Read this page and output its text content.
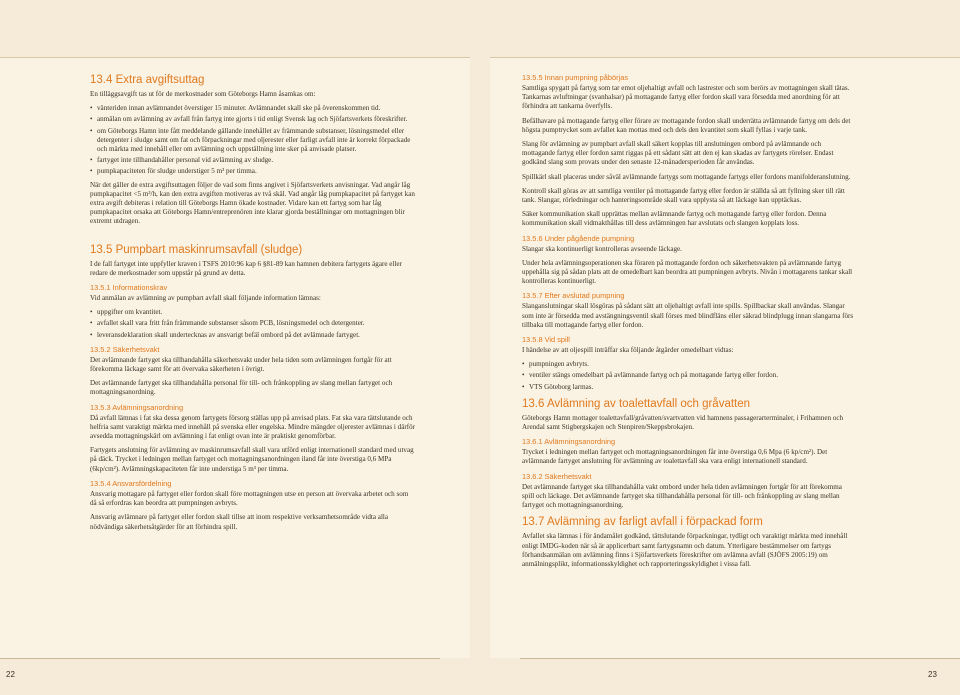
13.4 Extra avgiftsuttag

En tilläggsavgift tas ut för de merkostnader som Göteborgs Hamn åsamkas om:

• vänteriden innan avlämnandet överstiger 15 minuter. Avlämnandet skall ske på överenskommen tid.
• anmälan om avlämning av avfall från fartyg inte gjorts i tid enligt Svensk lag och Sjöfartsverkets föreskrifter.
• om Göteborgs Hamn inte fått meddelande gällande innehållet av främmande substanser, lösningsmedel eller detergenter i sludge samt om fat och förpackningar med oljerester eller farligt avfall inte är korrekt förpackade och märkta med innehåll eller om avlämning och uppställning inte sker på anvisade platser.
• fartyget inte tillhandahåller personal vid avlämning av sludge.
• pumpkapaciteten för sludge understiger 5 m³ per timma.

När det gäller de extra avgiftsuttagen följer de vad som finns angivet i Sjöfartsverkets anvisningar. Vad angår låg pumpkapacitet <5 m³/h, kan den extra avgiften motiveras av två skäl. Vad angår låg pumpkapacitet på fartyget kan extra avgift debiteras i relation till Göteborgs Hamn ökade kostnader. Vidare kan ett fartyg som har låg pumpkapacitet orsaka att Göteborgs Hamn/entreprenören inte klarar gjorda beställningar om mottagningen blir extremt utdragen.

13.5 Pumpbart maskinrumsavfall (sludge)

I de fall fartyget inte uppfyller kraven i TSFS 2010:96 kap 6 §81-89 kan hamnen debitera fartygets ägare eller redare de merkostnader som uppstår på grund av detta.

13.5.1 Informationskrav

Vid anmälan av avlämning av pumpbart avfall skall följande information lämnas:

• uppgifter om kvantitet.
• avfallet skall vara fritt från främmande substanser såsom PCB, lösningsmedel och detergenter.
• leveransdeklaration skall undertecknas av ansvarigt befäl ombord på det avlämnade fartyget.
13.5.2 Säkerhetsvakt

Det avlämnande fartyget ska tillhandahålla säkerhetsvakt under hela tiden som avlämningen fortgår för att förekomma läckage samt för att övervaka säkerheten i övrigt.

Det avlämnande fartyget ska tillhandahålla personal för till- och frånkoppling av slang mellan fartyget och mottagningsanordning.

13.5.3 Avlämningsanordning

Då avfall lämnas i fat ska dessa genom fartygets försorg ställas upp på anvisad plats. Fat ska vara tättslutande och helfria samt varaktigt märkta med innehåll på svenska eller engelska. Mindre mängder oljerester avlämnas i därför avsedda mottagningskärl om avlämning i fat enligt ovan inte är praktiskt genomförbar.

Fartygets anslutning för avlämning av maskinrumsavfall skall vara utförd enligt internationell standard med utvag på däck. Trycket i ledningen mellan fartyget och mottagningsanordningen iland får inte överstiga 0,6 MPa (6kp/cm²). Avlämningskapaciteten får inte understiga 5 m³ per timma.

13.5.4 Ansvarsfördelning

Ansvarig mottagare på fartyget eller fordon skall före mottagningen utse en person att övervaka arbetet och som då så erfordras kan beordra att pumpningen avbryts.

Ansvarig avlämnare på fartyget eller fordon skall tillse att inom respektive verksamhetsområde vidta alla nödvändiga säkerhetsåtgärder för att förhindra spill.

13.5.5 Innan pumpning påbörjas

Samtliga spygatt på fartyg som tar emot oljehaltigt avfall och lastrester och som berörs av mottagningen skall tätas. Tankarnas avluftningar (svanhalsar) på mottagande fartyg eller fordon skall vara försedda med anordning för att förhindra att tankarna överfylls.

Befälhavare på mottagande fartyg eller förare av mottagande fordon skall underrätta avlämnande fartyg om dels det högsta pumptrycket som avfallet kan mottas med och dels den kvantitet som skall fyllas i varje tank.

Slang för avlämning av pumpbart avfall skall säkert kopplas till anslutningen ombord på avlämnande och mottagande fartyg eller fordon samt riggas på ett sådant sätt att den ej kan skadas av fartygets rörelser. Endast godkänd slang som provats under den senaste 12-månadersperioden får användas.

Spillkärl skall placeras under såväl avlämnande fartygs som mottagande fartygs eller fordons manifolderanslutning.

Kontroll skall göras av att samtliga ventiler på mottagande fartyg eller fordon är ställda så att fyllning sker till rätt tank. Slangar, rörledningar och hanteringsområde skall vara upplysta så att läckage kan upptäckas.

Säker kommunikation skall upprättas mellan avlämnande fartyg och mottagande fartyg eller fordon. Denna kommunikation skall vidmakthållas till dess avlämningen har avslutats och slangen kopplats loss.

13.5.6 Under pågående pumpning

Slangar ska kontinuerligt kontrolleras avseende läckage.

Under hela avlämningsoperationen ska föraren på mottagande fordon och säkerhetsvakten på avlämnande fartyg uppehålla sig på sådan plats att de omedelbart kan beordra att pumpningen avbryts. Nivån i mottagarens tankar skall kontrolleras kontinuerligt.

13.5.7 Efter avslutad pumpning

Slanganslutningar skall lösgöras på sådant sätt att oljehaltigt avfall inte spills. Spillbackar skall användas. Slangar som inte är försedda med avstängningsventil skall förses med blindfläns eller säkrad blindplugg innan slangarna förs tillbaka till mottagande fartyg eller fordon.

13.5.8 Vid spill

I händelse av att oljespill inträffar ska följande åtgärder omedelbart vidtas:

• pumpningen avbryts.
• ventiler stängs omedelbart på avlämnande fartyg och på mottagande fartyg eller fordon.
• VTS Göteborg larmas.
13.6 Avlämning av toalettavfall och gråvatten

Göteborgs Hamn mottager toalettavfall/gråvatten/svartvatten vid hamnens passagerarterminaler, i Frihamnen och Arendal samt Stigbergskajen och Stenpiren/Skeppsbrokajen.

13.6.1 Avlämningsanordning

Trycket i ledningen mellan fartyget och mottagningsanordningen får inte överstiga 0,6 Mpa (6 kp/cm²). Det avlämnande fartyget anslutning för avlämning av toalettavfall ska vara enligt internationell standard.

13.6.2 Säkerhetsvakt

Det avlämnande fartyget ska tillhandahålla vakt ombord under hela tiden avlämningen fortgår för att förekomma spill och läckage. Det avlämnande fartyget ska tillhandahålla personal för till- och frånkoppling av slang mellan fartyget och mottagningsanordning.

13.7 Avlämning av farligt avfall i förpackad form

Avfallet ska lämnas i för ändamålet godkänd, tättslutande förpackningar, tydligt och varaktigt märkta med innehåll enligt IMDG-koden när så är applicerbart samt fartygsnamn och datum. Ytterligare bestämmelser om fartygs förhandsanmälan om avlämning finns i Sjöfartsverkets föreskrifter om avlämna avfall (SJÖFS 2005:19) om anmälningsplikt, informationsskyldighet och rapporteringsskyldighet i vissa fall.

22	23
